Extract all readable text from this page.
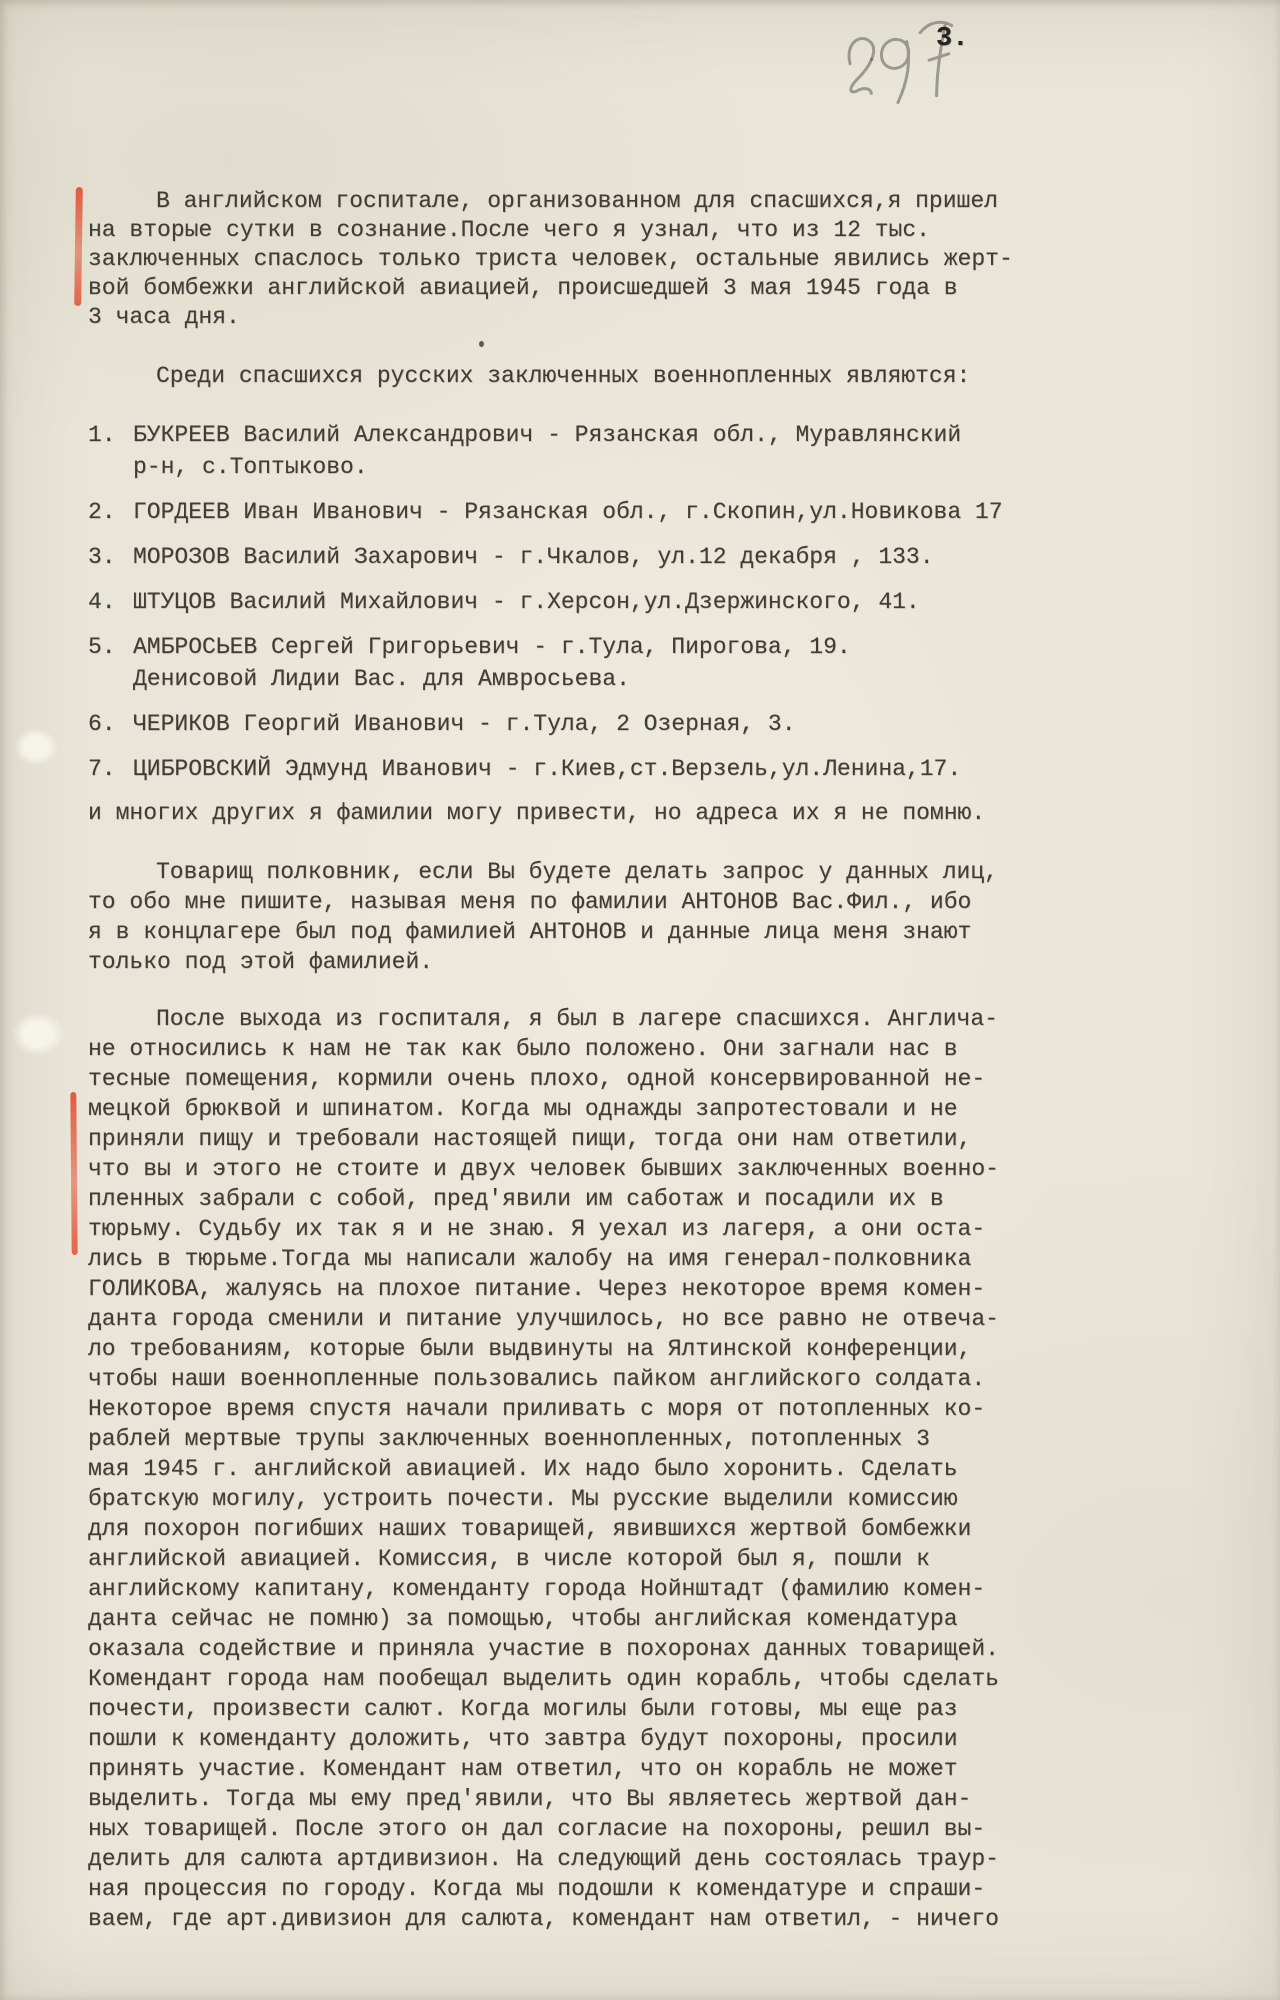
3.
В английском госпитале, организованном для спасшихся,я пришел
на вторые сутки в сознание.После чего я узнал, что из 12 тыс.
заключенных спаслось только триста человек, остальные явились жерт-
вой бомбежки английской авиацией, происшедшей 3 мая 1945 года в
3 часа дня.
Среди спасшихся русских заключенных военнопленных являются:
1. БУКРЕЕВ Василий Александрович - Рязанская обл., Муравлянский
р-н, с.Топтыково.
2. ГОРДЕЕВ Иван Иванович - Рязанская обл., г.Скопин,ул.Новикова 17
3. МОРОЗОВ Василий Захарович - г.Чкалов, ул.12 декабря , 133.
4. ШТУЦОВ Василий Михайлович - г.Херсон,ул.Дзержинского, 41.
5. АМБРОСЬЕВ Сергей Григорьевич - г.Тула, Пирогова, 19.
Денисовой Лидии Вас. для Амвросьева.
6. ЧЕРИКОВ Георгий Иванович - г.Тула, 2 Озерная, 3.
7. ЦИБРОВСКИЙ Эдмунд Иванович - г.Киев,ст.Верзель,ул.Ленина,17.
и многих других я фамилии могу привести, но адреса их я не помню.
Товарищ полковник, если Вы будете делать запрос у данных лиц,
то обо мне пишите, называя меня по фамилии АНТОНОВ Вас.Фил., ибо
я в концлагере был под фамилией АНТОНОВ и данные лица меня знают
только под этой фамилией.
После выхода из госпиталя, я был в лагере спасшихся. Англича-
не относились к нам не так как было положено. Они загнали нас в
тесные помещения, кормили очень плохо, одной консервированной не-
мецкой брюквой и шпинатом. Когда мы однажды запротестовали и не
приняли пищу и требовали настоящей пищи, тогда они нам ответили,
что вы и этого не стоите и двух человек бывших заключенных военно-
пленных забрали с собой, пред'явили им саботаж и посадили их в
тюрьму. Судьбу их так я и не знаю. Я уехал из лагеря, а они оста-
лись в тюрьме.Тогда мы написали жалобу на имя генерал-полковника
ГОЛИКОВА, жалуясь на плохое питание. Через некоторое время комен-
данта города сменили и питание улучшилось, но все равно не отвеча-
ло требованиям, которые были выдвинуты на Ялтинской конференции,
чтобы наши военнопленные пользовались пайком английского солдата.
Некоторое время спустя начали приливать с моря от потопленных ко-
раблей мертвые трупы заключенных военнопленных, потопленных 3
мая 1945 г. английской авиацией. Их надо было хоронить. Сделать
братскую могилу, устроить почести. Мы русские выделили комиссию
для похорон погибших наших товарищей, явившихся жертвой бомбежки
английской авиацией. Комиссия, в числе которой был я, пошли к
английскому капитану, коменданту города Нойнштадт (фамилию комен-
данта сейчас не помню) за помощью, чтобы английская комендатура
оказала содействие и приняла участие в похоронах данных товарищей.
Комендант города нам пообещал выделить один корабль, чтобы сделать
почести, произвести салют. Когда могилы были готовы, мы еще раз
пошли к коменданту доложить, что завтра будут похороны, просили
принять участие. Комендант нам ответил, что он корабль не может
выделить. Тогда мы ему пред'явили, что Вы являетесь жертвой дан-
ных товарищей. После этого он дал согласие на похороны, решил вы-
делить для салюта артдивизион. На следующий день состоялась траур-
ная процессия по городу. Когда мы подошли к комендатуре и спраши-
ваем, где арт.дивизион для салюта, комендант нам ответил, - ничего
